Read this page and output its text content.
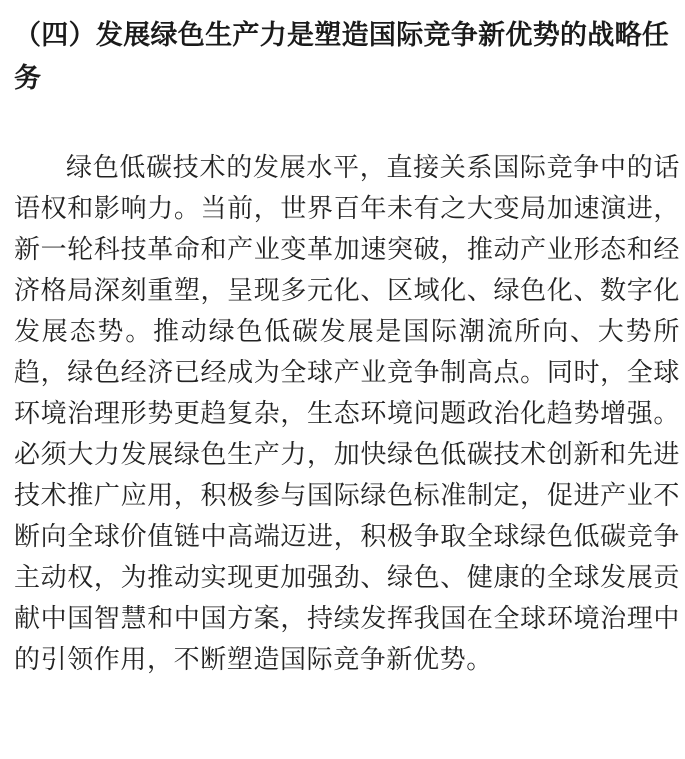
（四）发展绿色生产力是塑造国际竞争新优势的战略任务

绿色低碳技术的发展水平，直接关系国际竞争中的话语权和影响力。当前，世界百年未有之大变局加速演进，新一轮科技革命和产业变革加速突破，推动产业形态和经济格局深刻重塑，呈现多元化、区域化、绿色化、数字化发展态势。推动绿色低碳发展是国际潮流所向、大势所趋，绿色经济已经成为全球产业竞争制高点。同时，全球环境治理形势更趋复杂，生态环境问题政治化趋势增强。必须大力发展绿色生产力，加快绿色低碳技术创新和先进技术推广应用，积极参与国际绿色标准制定，促进产业不断向全球价值链中高端迈进，积极争取全球绿色低碳竞争主动权，为推动实现更加强劲、绿色、健康的全球发展贡献中国智慧和中国方案，持续发挥我国在全球环境治理中的引领作用，不断塑造国际竞争新优势。
